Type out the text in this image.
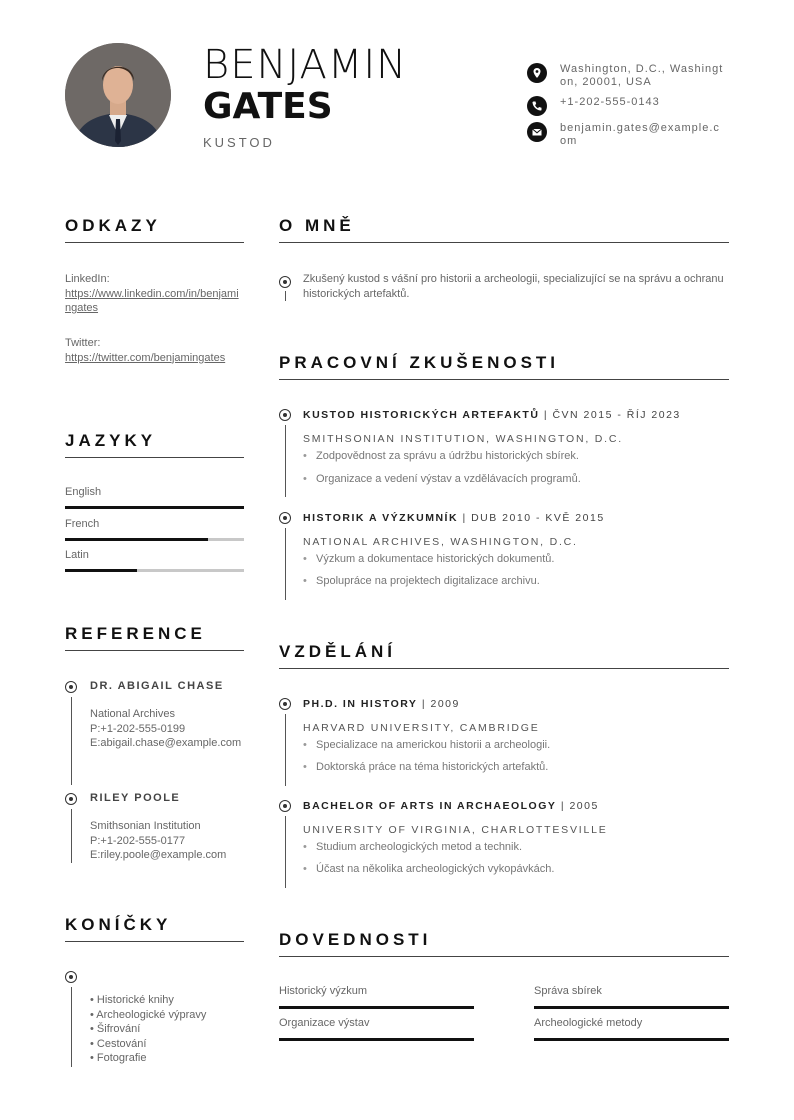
BENJAMIN
GATES
KUSTOD
Washington, D.C., Washington, 20001, USA
+1-202-555-0143
benjamin.gates@example.com
ODKAZY
LinkedIn:
https://www.linkedin.com/in/benjamingates
Twitter:
https://twitter.com/benjamingates
JAZYKY
English
French
Latin
REFERENCE
DR. ABIGAIL CHASE
National Archives
P:+1-202-555-0199
E:abigail.chase@example.com
RILEY POOLE
Smithsonian Institution
P:+1-202-555-0177
E:riley.poole@example.com
KONÍČKY
• Historické knihy
• Archeologické výpravy
• Šifrování
• Cestování
• Fotografie
O MNĚ
Zkušený kustod s vášní pro historii a archeologii, specializující se na správu a ochranu historických artefaktů.
PRACOVNÍ ZKUŠENOSTI
KUSTOD HISTORICKÝCH ARTEFAKTŮ | ČVN 2015 - ŘÍJ 2023
SMITHSONIAN INSTITUTION, WASHINGTON, D.C.
• Zodpovědnost za správu a údržbu historických sbírek.
• Organizace a vedení výstav a vzdělávacích programů.
HISTORIK A VÝZKUMNÍK | DUB 2010 - KVĚ 2015
NATIONAL ARCHIVES, WASHINGTON, D.C.
• Výzkum a dokumentace historických dokumentů.
• Spolupráce na projektech digitalizace archivu.
VZDĚLÁNÍ
PH.D. IN HISTORY | 2009
HARVARD UNIVERSITY, CAMBRIDGE
• Specializace na americkou historii a archeologii.
• Doktorská práce na téma historických artefaktů.
BACHELOR OF ARTS IN ARCHAEOLOGY | 2005
UNIVERSITY OF VIRGINIA, CHARLOTTESVILLE
• Studium archeologických metod a technik.
• Účast na několika archeologických vykopávkách.
DOVEDNOSTI
Historický výzkum	Správa sbírek
Organizace výstav	Archeologické metody
